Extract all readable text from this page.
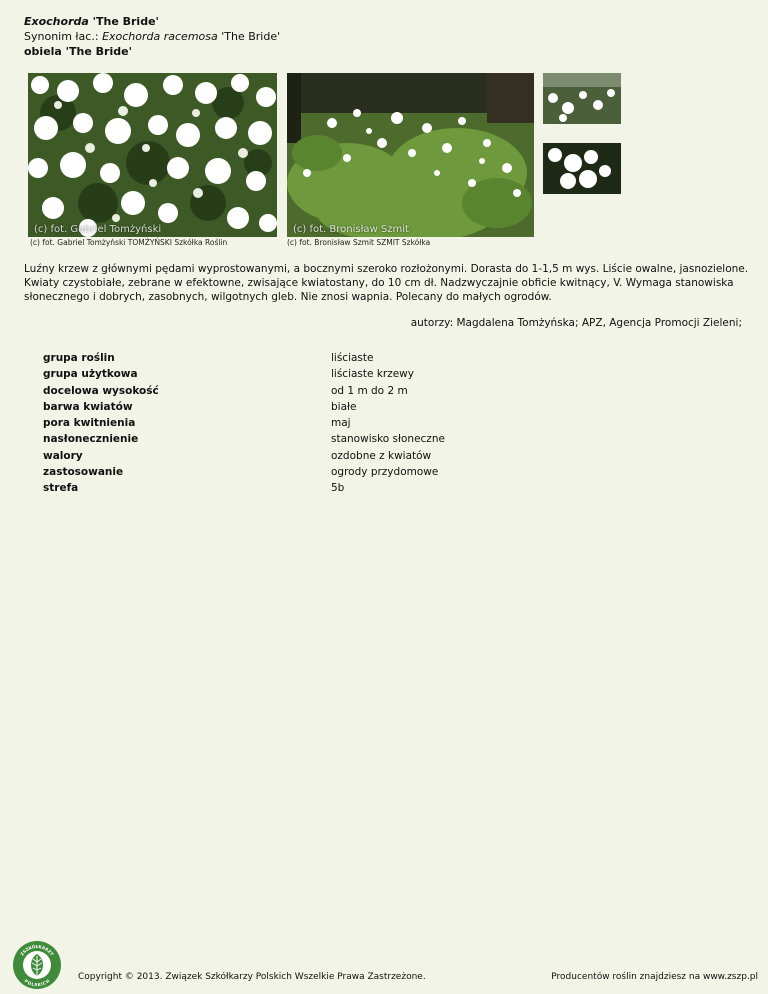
Exochorda 'The Bride'
Synonim łac.: Exochorda racemosa 'The Bride'
obiela 'The Bride'
(c) fot. Gabriel Tomżyński
(c) fot. Gabriel Tomżyński TOMŻYŃSKI Szkółka Roślin
(c) fot. Bronisław Szmit
(c) fot. Bronisław Szmit SZMIT Szkółka
Luźny krzew z głównymi pędami wyprostowanymi, a bocznymi szeroko rozłożonymi. Dorasta do 1-1,5 m wys. Liście owalne, jasnozielone. Kwiaty czystobiałe, zebrane w efektowne, zwisające kwiatostany, do 10 cm dł. Nadzwyczajnie obficie kwitnący, V. Wymaga stanowiska słonecznego i dobrych, zasobnych, wilgotnych gleb. Nie znosi wapnia. Polecany do małych ogrodów.
autorzy: Magdalena Tomżyńska; APZ, Agencja Promocji Zieleni;
grupa roślin	liściaste
grupa użytkowa	liściaste krzewy
docelowa wysokość	od 1 m do 2 m
barwa kwiatów	białe
pora kwitnienia	maj
nasłonecznienie	stanowisko słoneczne
walory	ozdobne z kwiatów
zastosowanie	ogrody przydomowe
strefa	5b
ZSZKÓŁKARZY
POLSKICH	Copyright © 2013. Związek Szkółkarzy Polskich Wszelkie Prawa Zastrzeżone.	Producentów roślin znajdziesz na www.zszp.pl
